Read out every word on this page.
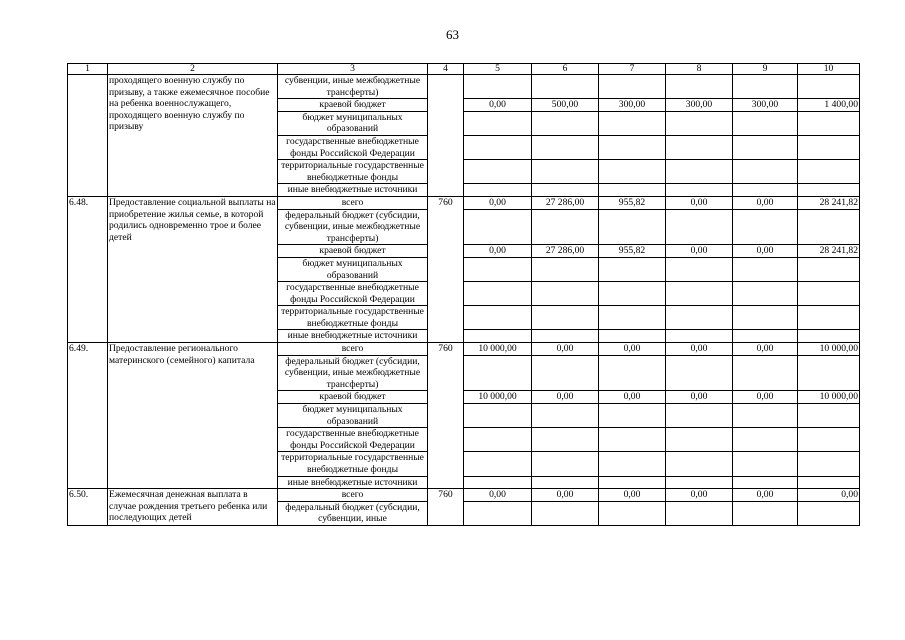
63
1	2	3	4	5	6	7	8	9	10
	проходящего военную службу по призыву, а также ежемесячное пособие на ребенка военнослужащего, проходящего военную службу по призыву	субвенции, иные межбюджетные трансферты)							
		краевой бюджет		0,00	500,00	300,00	300,00	300,00	1 400,00
		бюджет муниципальных образований							
		государственные внебюджетные фонды Российской Федерации							
		территориальные государственные внебюджетные фонды							
		иные внебюджетные источники							
6.48.	Предоставление социальной выплаты на приобретение жилья семье, в которой родились одновременно трое и более детей	всего	760	0,00	27 286,00	955,82	0,00	0,00	28 241,82
		федеральный бюджет (субсидии, субвенции, иные межбюджетные трансферты)							
		краевой бюджет		0,00	27 286,00	955,82	0,00	0,00	28 241,82
		бюджет муниципальных образований							
		государственные внебюджетные фонды Российской Федерации							
		территориальные государственные внебюджетные фонды							
		иные внебюджетные источники							
6.49.	Предоставление регионального материнского (семейного) капитала	всего	760	10 000,00	0,00	0,00	0,00	0,00	10 000,00
		федеральный бюджет (субсидии, субвенции, иные межбюджетные трансферты)							
		краевой бюджет		10 000,00	0,00	0,00	0,00	0,00	10 000,00
		бюджет муниципальных образований							
		государственные внебюджетные фонды Российской Федерации							
		территориальные государственные внебюджетные фонды							
		иные внебюджетные источники							
6.50.	Ежемесячная денежная выплата в случае рождения третьего ребенка или последующих детей	всего	760	0,00	0,00	0,00	0,00	0,00	0,00
		федеральный бюджет (субсидии, субвенции, иные							
